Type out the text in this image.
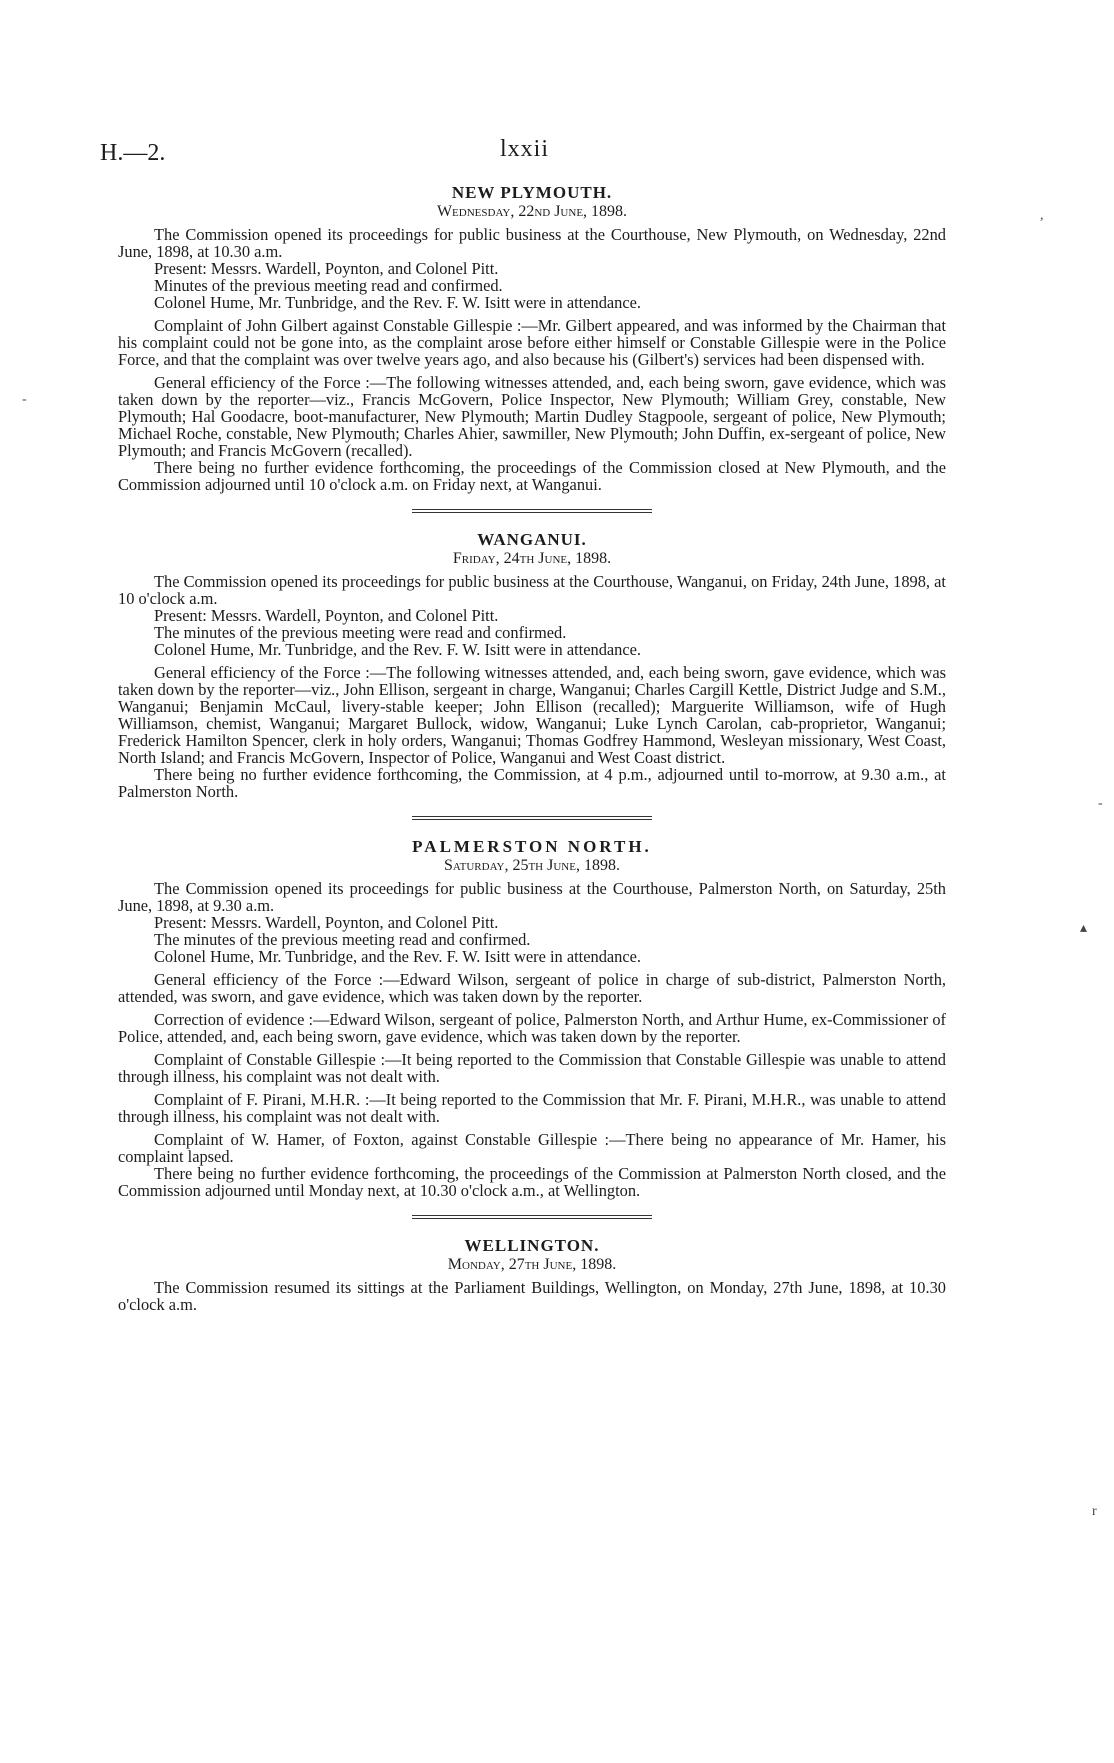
H.—2.	lxxii
,
-
-
▴
r
NEW PLYMOUTH.
Wednesday, 22nd June, 1898.

The Commission opened its proceedings for public business at the Courthouse, New Plymouth, on Wednesday, 22nd June, 1898, at 10.30 a.m.

Present: Messrs. Wardell, Poynton, and Colonel Pitt.

Minutes of the previous meeting read and confirmed.

Colonel Hume, Mr. Tunbridge, and the Rev. F. W. Isitt were in attendance.

Complaint of John Gilbert against Constable Gillespie :—Mr. Gilbert appeared, and was informed by the Chairman that his complaint could not be gone into, as the complaint arose before either himself or Constable Gillespie were in the Police Force, and that the complaint was over twelve years ago, and also because his (Gilbert's) services had been dispensed with.

General efficiency of the Force :—The following witnesses attended, and, each being sworn, gave evidence, which was taken down by the reporter—viz., Francis McGovern, Police Inspector, New Plymouth; William Grey, constable, New Plymouth; Hal Goodacre, boot-manufacturer, New Plymouth; Martin Dudley Stagpoole, sergeant of police, New Plymouth; Michael Roche, constable, New Plymouth; Charles Ahier, sawmiller, New Plymouth; John Duffin, ex-sergeant of police, New Plymouth; and Francis McGovern (recalled).

There being no further evidence forthcoming, the proceedings of the Commission closed at New Plymouth, and the Commission adjourned until 10 o'clock a.m. on Friday next, at Wanganui.

WANGANUI.
Friday, 24th June, 1898.

The Commission opened its proceedings for public business at the Courthouse, Wanganui, on Friday, 24th June, 1898, at 10 o'clock a.m.

Present: Messrs. Wardell, Poynton, and Colonel Pitt.

The minutes of the previous meeting were read and confirmed.

Colonel Hume, Mr. Tunbridge, and the Rev. F. W. Isitt were in attendance.

General efficiency of the Force :—The following witnesses attended, and, each being sworn, gave evidence, which was taken down by the reporter—viz., John Ellison, sergeant in charge, Wanganui; Charles Cargill Kettle, District Judge and S.M., Wanganui; Benjamin McCaul, livery-stable keeper; John Ellison (recalled); Marguerite Williamson, wife of Hugh Williamson, chemist, Wanganui; Margaret Bullock, widow, Wanganui; Luke Lynch Carolan, cab-proprietor, Wanganui; Frederick Hamilton Spencer, clerk in holy orders, Wanganui; Thomas Godfrey Hammond, Wesleyan missionary, West Coast, North Island; and Francis McGovern, Inspector of Police, Wanganui and West Coast district.

There being no further evidence forthcoming, the Commission, at 4 p.m., adjourned until to-morrow, at 9.30 a.m., at Palmerston North.

PALMERSTON NORTH.
Saturday, 25th June, 1898.

The Commission opened its proceedings for public business at the Courthouse, Palmerston North, on Saturday, 25th June, 1898, at 9.30 a.m.

Present: Messrs. Wardell, Poynton, and Colonel Pitt.

The minutes of the previous meeting read and confirmed.

Colonel Hume, Mr. Tunbridge, and the Rev. F. W. Isitt were in attendance.

General efficiency of the Force :—Edward Wilson, sergeant of police in charge of sub-district, Palmerston North, attended, was sworn, and gave evidence, which was taken down by the reporter.

Correction of evidence :—Edward Wilson, sergeant of police, Palmerston North, and Arthur Hume, ex-Commissioner of Police, attended, and, each being sworn, gave evidence, which was taken down by the reporter.

Complaint of Constable Gillespie :—It being reported to the Commission that Constable Gillespie was unable to attend through illness, his complaint was not dealt with.

Complaint of F. Pirani, M.H.R. :—It being reported to the Commission that Mr. F. Pirani, M.H.R., was unable to attend through illness, his complaint was not dealt with.

Complaint of W. Hamer, of Foxton, against Constable Gillespie :—There being no appearance of Mr. Hamer, his complaint lapsed.

There being no further evidence forthcoming, the proceedings of the Commission at Palmerston North closed, and the Commission adjourned until Monday next, at 10.30 o'clock a.m., at Wellington.

WELLINGTON.
Monday, 27th June, 1898.

The Commission resumed its sittings at the Parliament Buildings, Wellington, on Monday, 27th June, 1898, at 10.30 o'clock a.m.
